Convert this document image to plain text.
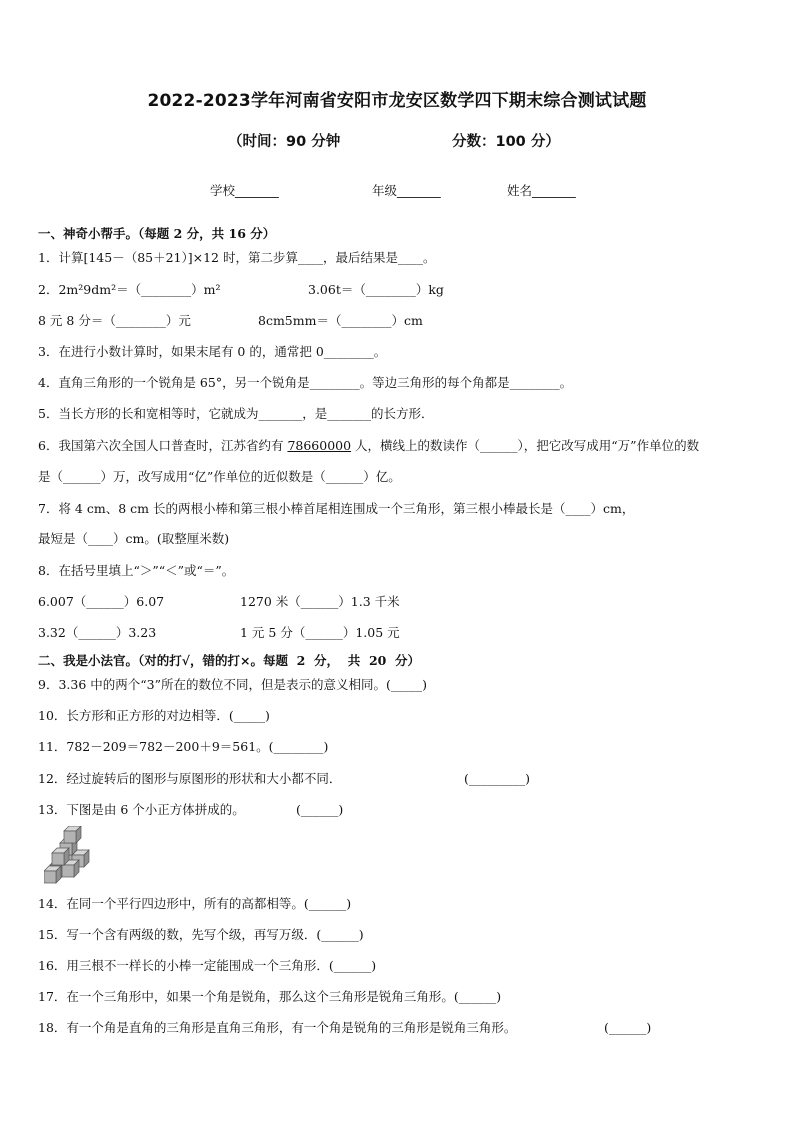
2022-2023学年河南省安阳市龙安区数学四下期末综合测试试题
（时间：90 分钟	分数：100 分）
学校_______	年级_______	姓名_______
一、神奇小帮手。（每题 2 分，共 16 分）
1．计算[145－（85＋21）]×12 时，第二步算____，最后结果是____。
2．2m²9dm²＝（________）m²	3.06t＝（________）kg
8 元 8 分＝（________）元	8cm5mm＝（________）cm
3．在进行小数计算时，如果末尾有 0 的，通常把 0________。
4．直角三角形的一个锐角是 65°，另一个锐角是________。等边三角形的每个角都是________。
5．当长方形的长和宽相等时，它就成为_______，是_______的长方形．
6．我国第六次全国人口普查时，江苏省约有 78660000 人，横线上的数读作（______），把它改写成用“万”作单位的数
是（______）万，改写成用“亿”作单位的近似数是（______）亿。
7．将 4 cm、8 cm 长的两根小棒和第三根小棒首尾相连围成一个三角形，第三根小棒最长是（____）cm，
最短是（____）cm。(取整厘米数)
8．在括号里填上“＞”“＜”或“＝”。
6.007（______）6.07	1270 米（______）1.3 千米
3.32（______）3.23	1 元 5 分（______）1.05 元
二、我是小法官。（对的打√，错的打×。每题  2  分，  共  20  分）
9．3.36 中的两个“3”所在的数位不同，但是表示的意义相同。(_____)
10．长方形和正方形的对边相等．(_____)
11．782－209＝782－200＋9＝561。(________)
12．经过旋转后的图形与原图形的形状和大小都不同．	(_________)
13．下图是由 6 个小正方体拼成的。	(______)
14．在同一个平行四边形中，所有的高都相等。(______)
15．写一个含有两级的数，先写个级，再写万级．(______)
16．用三根不一样长的小棒一定能围成一个三角形．(______)
17．在一个三角形中，如果一个角是锐角，那么这个三角形是锐角三角形。(______)
18．有一个角是直角的三角形是直角三角形，有一个角是锐角的三角形是锐角三角形。	(______)
